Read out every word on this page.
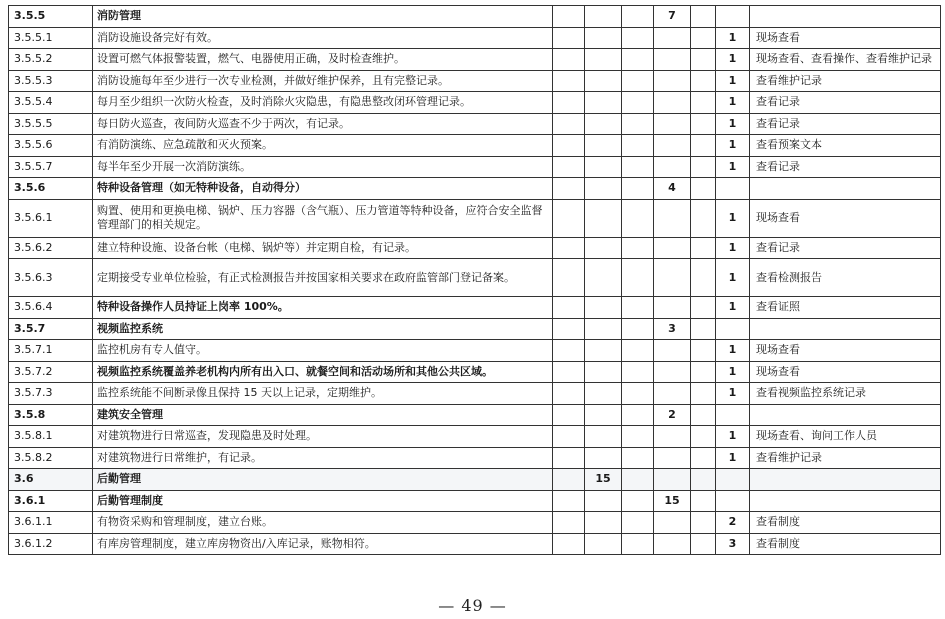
3.5.5	消防管理				7			
3.5.5.1	消防设施设备完好有效。						1	现场查看
3.5.5.2	设置可燃气体报警装置，燃气、电器使用正确，及时检查维护。						1	现场查看、查看操作、查看维护记录
3.5.5.3	消防设施每年至少进行一次专业检测，并做好维护保养，且有完整记录。						1	查看维护记录
3.5.5.4	每月至少组织一次防火检查，及时消除火灾隐患，有隐患整改闭环管理记录。						1	查看记录
3.5.5.5	每日防火巡查，夜间防火巡查不少于两次，有记录。						1	查看记录
3.5.5.6	有消防演练、应急疏散和灭火预案。						1	查看预案文本
3.5.5.7	每半年至少开展一次消防演练。						1	查看记录
3.5.6	特种设备管理（如无特种设备，自动得分）				4			
3.5.6.1	购置、使用和更换电梯、锅炉、压力容器（含气瓶）、压力管道等特种设备，应符合安全监督管理部门的相关规定。						1	现场查看
3.5.6.2	建立特种设施、设备台帐（电梯、锅炉等）并定期自检，有记录。						1	查看记录
3.5.6.3	定期接受专业单位检验，有正式检测报告并按国家相关要求在政府监管部门登记备案。						1	查看检测报告
3.5.6.4	特种设备操作人员持证上岗率 100%。						1	查看证照
3.5.7	视频监控系统				3			
3.5.7.1	监控机房有专人值守。						1	现场查看
3.5.7.2	视频监控系统覆盖养老机构内所有出入口、就餐空间和活动场所和其他公共区域。						1	现场查看
3.5.7.3	监控系统能不间断录像且保持 15 天以上记录，定期维护。						1	查看视频监控系统记录
3.5.8	建筑安全管理				2			
3.5.8.1	对建筑物进行日常巡查，发现隐患及时处理。						1	现场查看、询问工作人员
3.5.8.2	对建筑物进行日常维护，有记录。						1	查看维护记录
3.6	后勤管理		15					
3.6.1	后勤管理制度				15			
3.6.1.1	有物资采购和管理制度，建立台账。						2	查看制度
3.6.1.2	有库房管理制度，建立库房物资出/入库记录，账物相符。						3	查看制度
— 49 —
